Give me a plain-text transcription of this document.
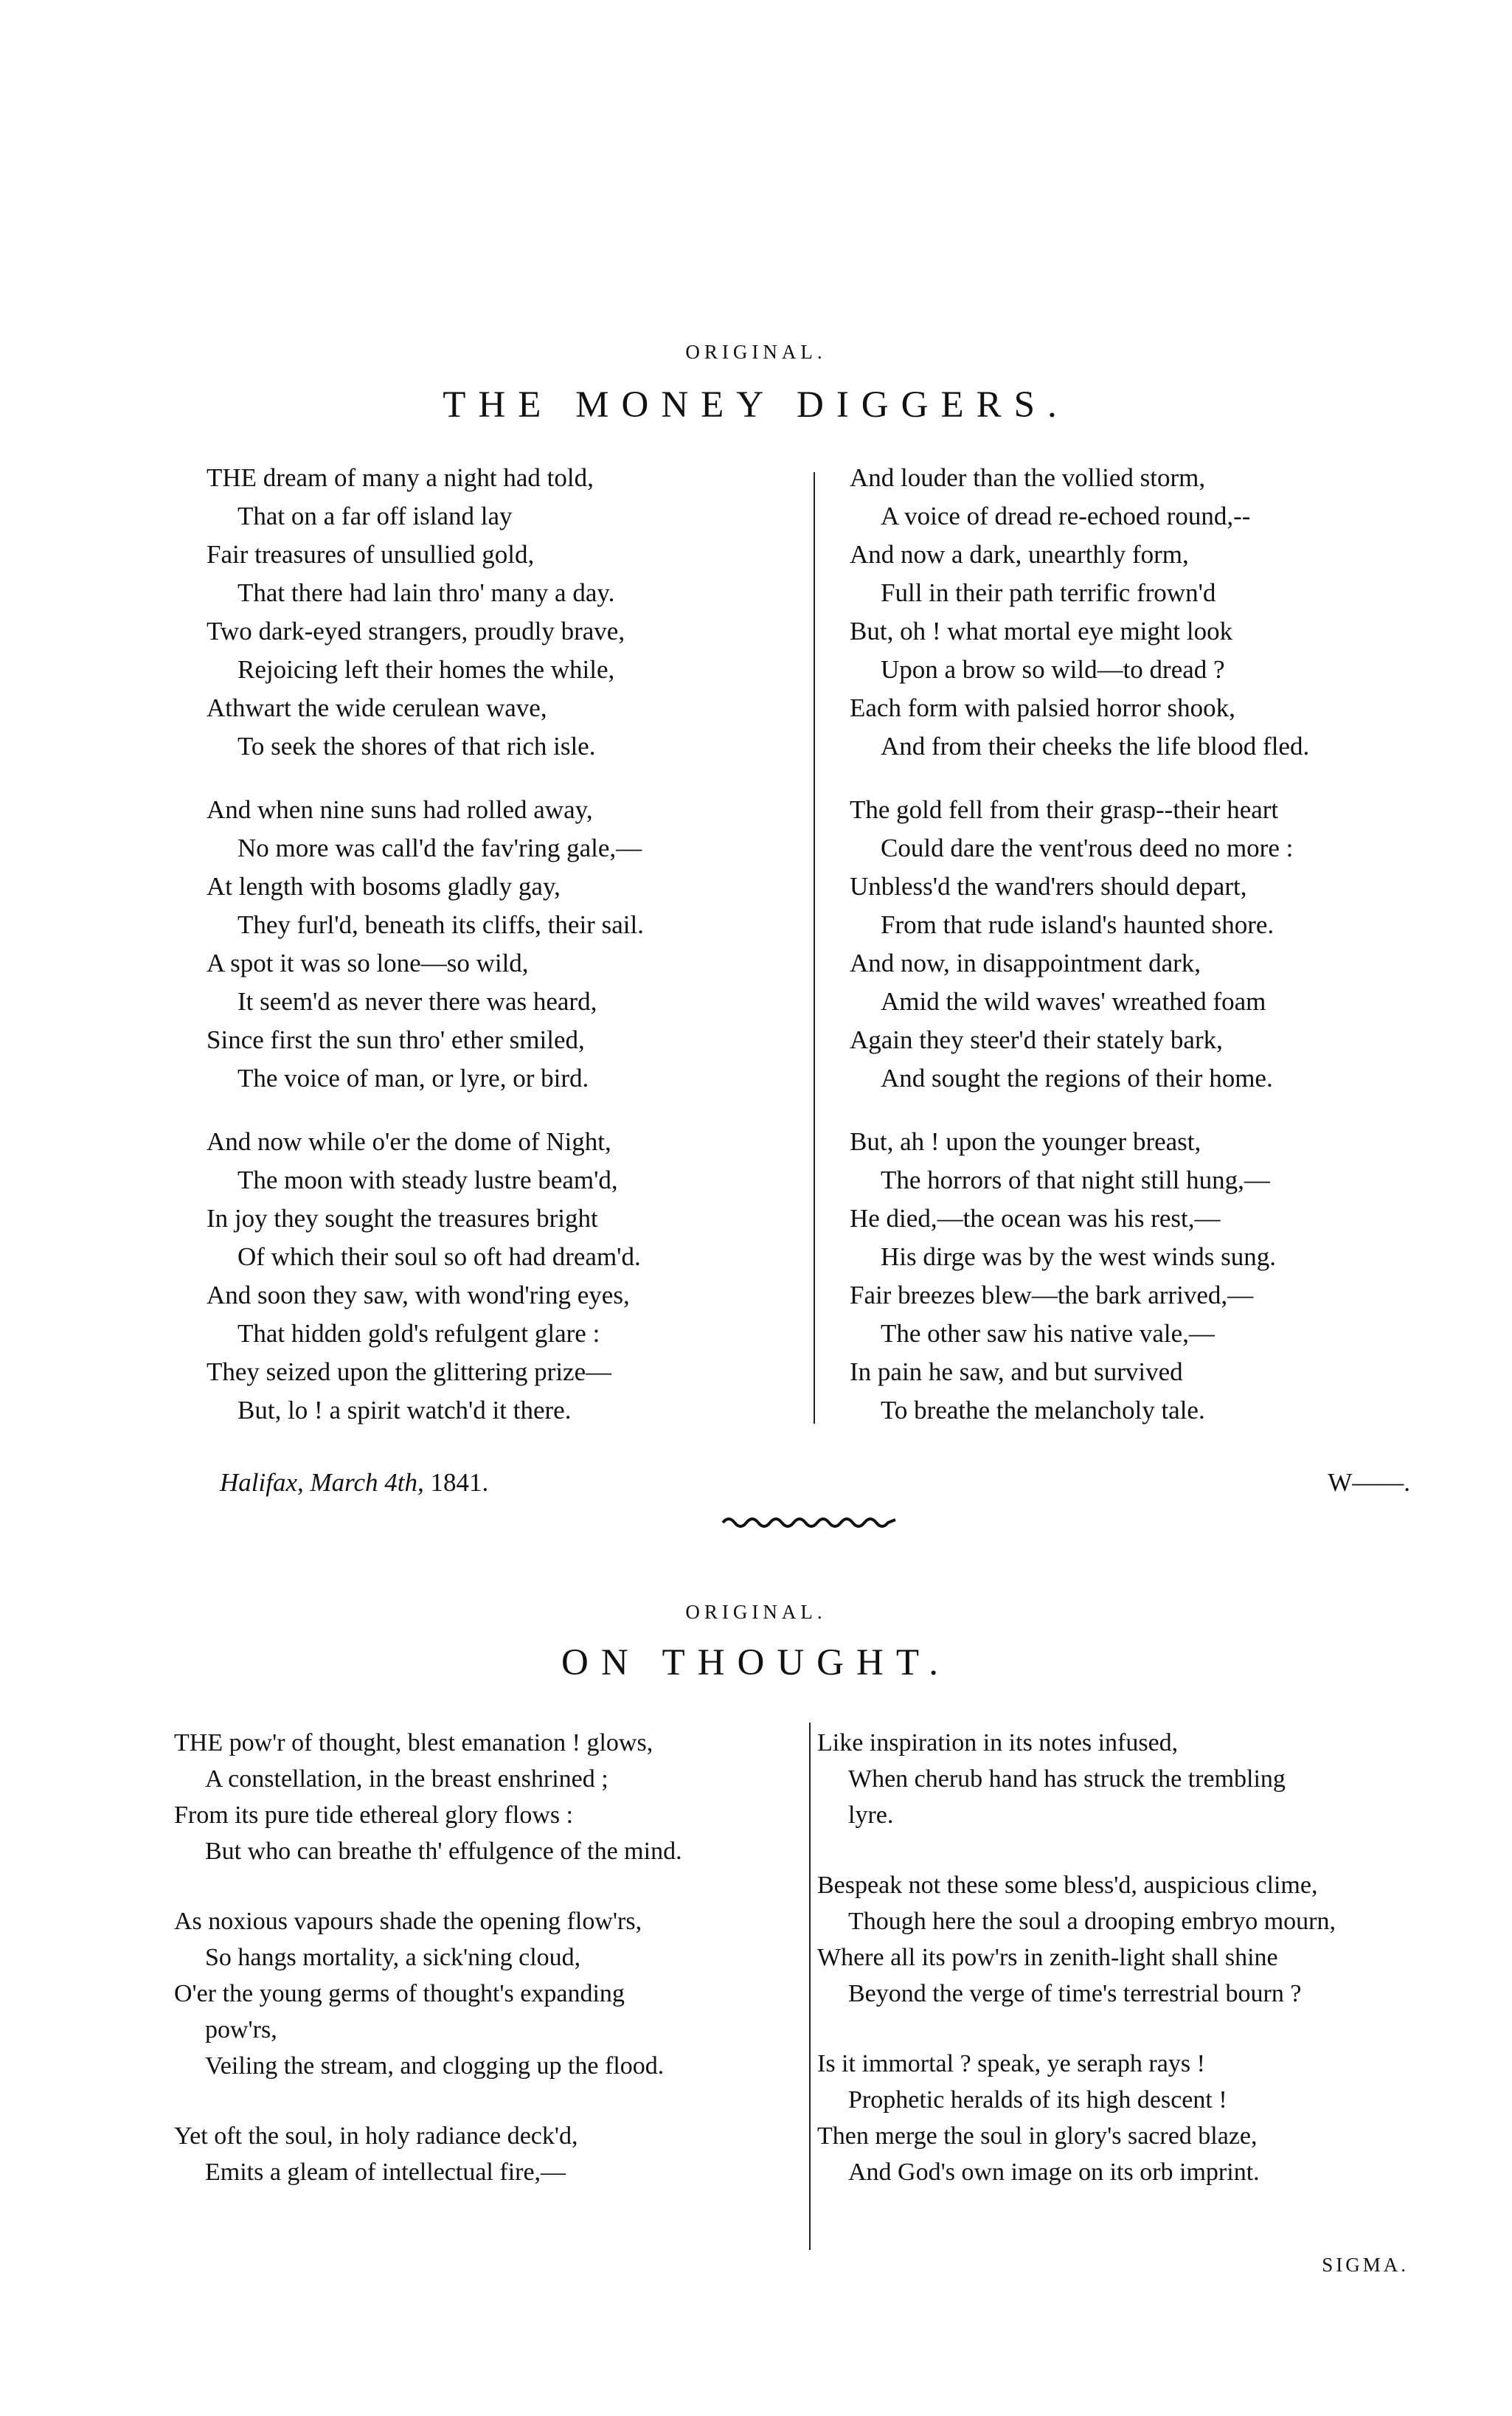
ORIGINAL.
THE MONEY DIGGERS.
THE dream of many a night had told,
That on a far off island lay
Fair treasures of unsullied gold,
That there had lain thro' many a day.
Two dark-eyed strangers, proudly brave,
Rejoicing left their homes the while,
Athwart the wide cerulean wave,
To seek the shores of that rich isle.
And when nine suns had rolled away,
No more was call'd the fav'ring gale,—
At length with bosoms gladly gay,
They furl'd, beneath its cliffs, their sail.
A spot it was so lone—so wild,
It seem'd as never there was heard,
Since first the sun thro' ether smiled,
The voice of man, or lyre, or bird.
And now while o'er the dome of Night,
The moon with steady lustre beam'd,
In joy they sought the treasures bright
Of which their soul so oft had dream'd.
And soon they saw, with wond'ring eyes,
That hidden gold's refulgent glare :
They seized upon the glittering prize—
But, lo ! a spirit watch'd it there.
And louder than the vollied storm,
A voice of dread re-echoed round,--
And now a dark, unearthly form,
Full in their path terrific frown'd
But, oh ! what mortal eye might look
Upon a brow so wild—to dread ?
Each form with palsied horror shook,
And from their cheeks the life blood fled.
The gold fell from their grasp--their heart
Could dare the vent'rous deed no more :
Unbless'd the wand'rers should depart,
From that rude island's haunted shore.
And now, in disappointment dark,
Amid the wild waves' wreathed foam
Again they steer'd their stately bark,
And sought the regions of their home.
But, ah ! upon the younger breast,
The horrors of that night still hung,—
He died,—the ocean was his rest,—
His dirge was by the west winds sung.
Fair breezes blew—the bark arrived,—
The other saw his native vale,—
In pain he saw, and but survived
To breathe the melancholy tale.
Halifax, March 4th, 1841.	W——.
ORIGINAL.
ON THOUGHT.
THE pow'r of thought, blest emanation ! glows,
A constellation, in the breast enshrined ;
From its pure tide ethereal glory flows :
But who can breathe th' effulgence of the mind.
As noxious vapours shade the opening flow'rs,
So hangs mortality, a sick'ning cloud,
O'er the young germs of thought's expanding
pow'rs,
Veiling the stream, and clogging up the flood.
Yet oft the soul, in holy radiance deck'd,
Emits a gleam of intellectual fire,—
Like inspiration in its notes infused,
When cherub hand has struck the trembling
lyre.
Bespeak not these some bless'd, auspicious clime,
Though here the soul a drooping embryo mourn,
Where all its pow'rs in zenith-light shall shine
Beyond the verge of time's terrestrial bourn ?
Is it immortal ? speak, ye seraph rays !
Prophetic heralds of its high descent !
Then merge the soul in glory's sacred blaze,
And God's own image on its orb imprint.
SIGMA.
